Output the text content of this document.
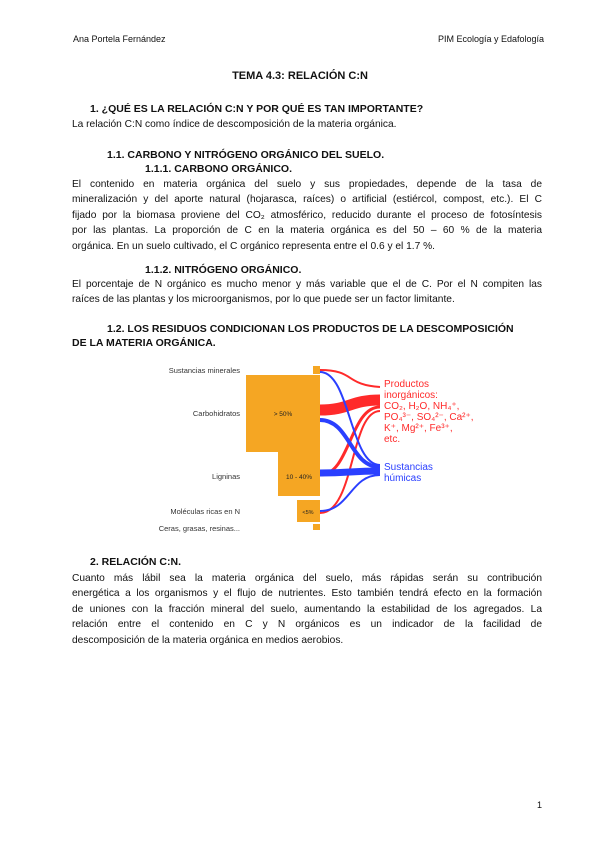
Ana Portela Fernández	PIM Ecología y Edafología
TEMA 4.3: RELACIÓN C:N
1. ¿QUÉ ES LA RELACIÓN C:N Y POR QUÉ ES TAN IMPORTANTE?

La relación C:N como índice de descomposición de la materia orgánica.

1.1. CARBONO Y NITRÓGENO ORGÁNICO DEL SUELO.
1.1.1. CARBONO ORGÁNICO.

El contenido en materia orgánica del suelo y sus propiedades, depende de la tasa de
mineralización y del aporte natural (hojarasca, raíces) o artificial (estiércol, compost, etc.). El C
fijado por la biomasa proviene del CO₂ atmosférico, reducido durante el proceso de fotosíntesis
por las plantas. La proporción de C en la materia orgánica es del 50 – 60 % de la materia
orgánica. En un suelo cultivado, el C orgánico representa entre el 0.6 y el 1.7 %.

1.1.2. NITRÓGENO ORGÁNICO.

El porcentaje de N orgánico es mucho menor y más variable que el de C. Por el N compiten las
raíces de las plantas y los microorganismos, por lo que puede ser un factor limitante.

1.2. LOS RESIDUOS CONDICIONAN LOS PRODUCTOS DE LA DESCOMPOSICIÓN
DE LA MATERIA ORGÁNICA.
Sustancias minerales
Carbohidratos
Ligninas
Moléculas ricas en N
Ceras, grasas, resinas...
> 50%
10 - 40%
<5%
Productos
inorgánicos:
CO₂, H₂O, NH₄⁺,
PO₄³⁻, SO₄²⁻, Ca²⁺,
K⁺, Mg²⁺, Fe³⁺,
etc.
Sustancias
húmicas
2. RELACIÓN C:N.

Cuanto más lábil sea la materia orgánica del suelo, más rápidas serán su contribución
energética a los organismos y el flujo de nutrientes. Esto también tendrá efecto en la formación
de uniones con la fracción mineral del suelo, aumentando la estabilidad de los agregados. La
relación entre el contenido en C y N orgánicos es un indicador de la facilidad de
descomposición de la materia orgánica en medios aerobios.

1
